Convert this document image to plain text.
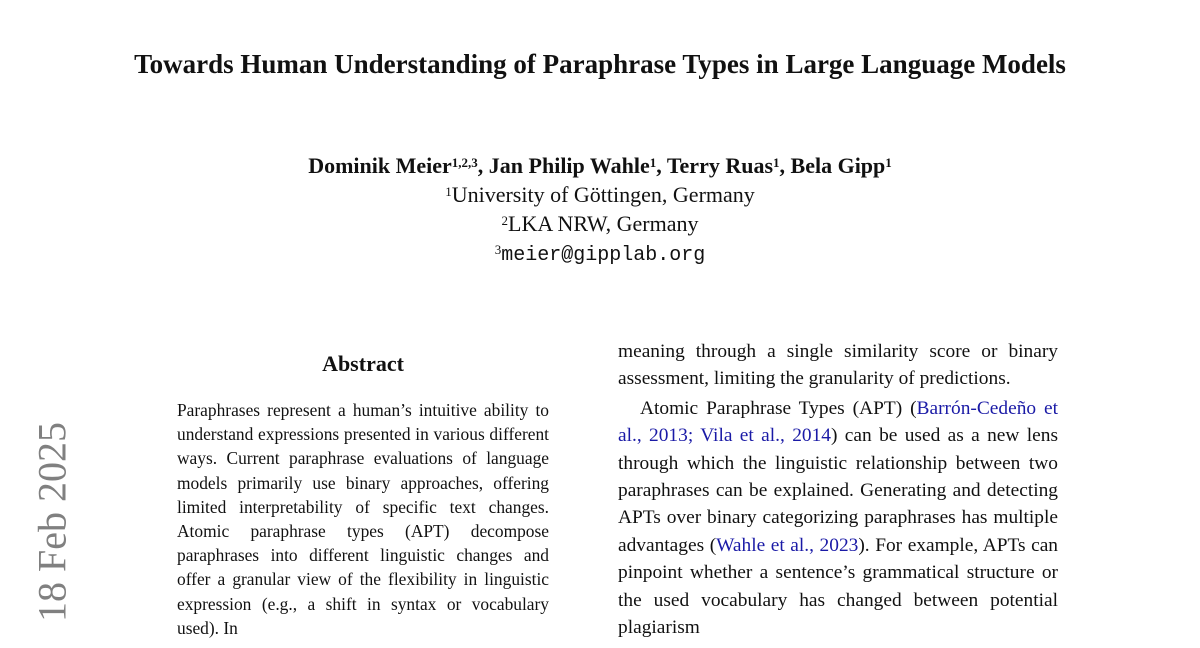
Towards Human Understanding of Paraphrase Types in Large Language Models
Dominik Meier$^{1,2,3}$, Jan Philip Wahle$^1$, Terry Ruas$^1$, Bela Gipp$^1$
$^1$University of Göttingen, Germany
$^2$LKA NRW, Germany
$^3$meier@gipplab.org
18 Feb 2025
Abstract
Paraphrases represent a human’s intuitive ability to understand expressions presented in various different ways. Current paraphrase evaluations of language models primarily use binary approaches, offering limited interpretability of specific text changes. Atomic paraphrase types (APT) decompose paraphrases into different linguistic changes and offer a granular view of the flexibility in linguistic expression (e.g., a shift in syntax or vocabulary used). In

meaning through a single similarity score or binary assessment, limiting the granularity of predictions.

Atomic Paraphrase Types (APT) (Barrón-Cedeño et al., 2013; Vila et al., 2014) can be used as a new lens through which the linguistic relationship between two paraphrases can be explained. Generating and detecting APTs over binary categorizing paraphrases has multiple advantages (Wahle et al., 2023). For example, APTs can pinpoint whether a sentence’s grammatical structure or the used vocabulary has changed between potential plagiarism
